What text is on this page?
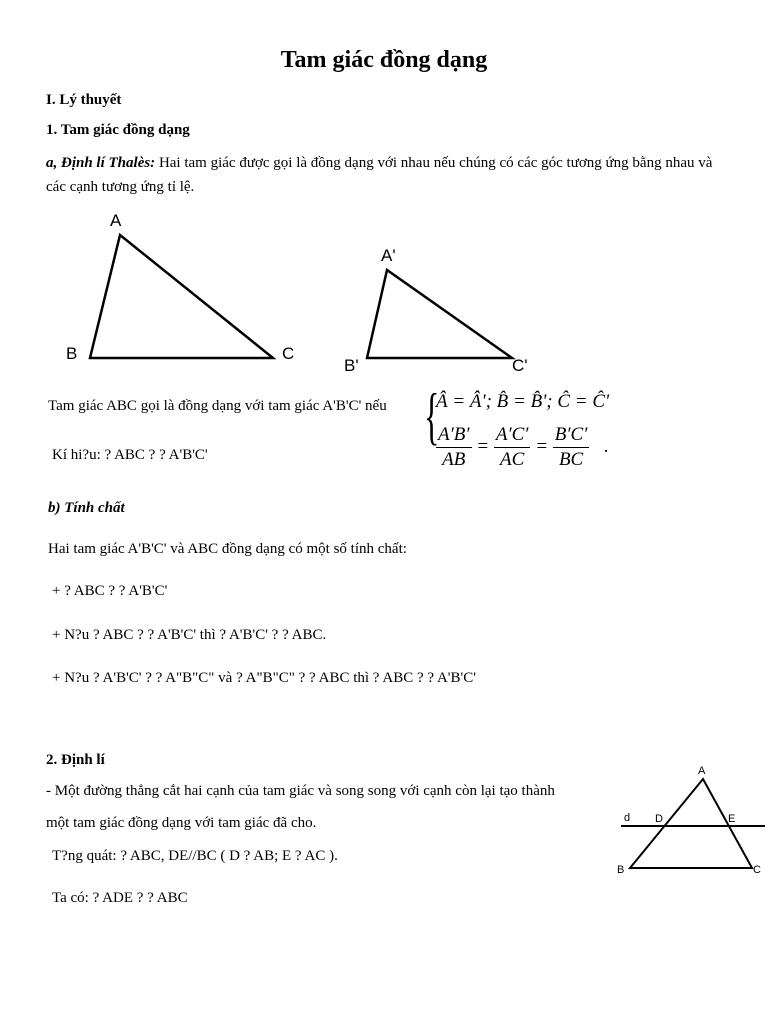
Tam giác đồng dạng
I. Lý thuyết
1. Tam giác đồng dạng
a, Định lí Thalès: Hai tam giác được gọi là đồng dạng với nhau nếu chúng có các góc tương ứng bằng nhau và các cạnh tương ứng tỉ lệ.
A
B	C
A'
B'	C'
Tam giác ABC gọi là đồng dạng với tam giác A'B'C' nếu
Kí hi?u: ? ABC ? ? A'B'C'
{
Â = Â'; B̂ = B̂'; Ĉ = Ĉ'
$\frac{A'B'}{AB} = \frac{A'C'}{AC} = \frac{B'C'}{BC}$ .
b) Tính chất
Hai tam giác A'B'C' và ABC đồng dạng có một số tính chất:
+ ? ABC ? ? A'B'C'
+ N?u ? ABC ? ? A'B'C' thì ? A'B'C' ? ? ABC.
+ N?u ? A'B'C' ? ? A"B"C" và ? A"B"C" ? ? ABC thì ? ABC ? ? A'B'C'
2. Định lí
- Một đường thẳng cắt hai cạnh của tam giác và song song với cạnh còn lại tạo thành
một tam giác đồng dạng với tam giác đã cho.
T?ng quát: ? ABC, DE//BC ( D ? AB; E ? AC ).
Ta có: ? ADE ? ? ABC
A
B	C
D	E
d
